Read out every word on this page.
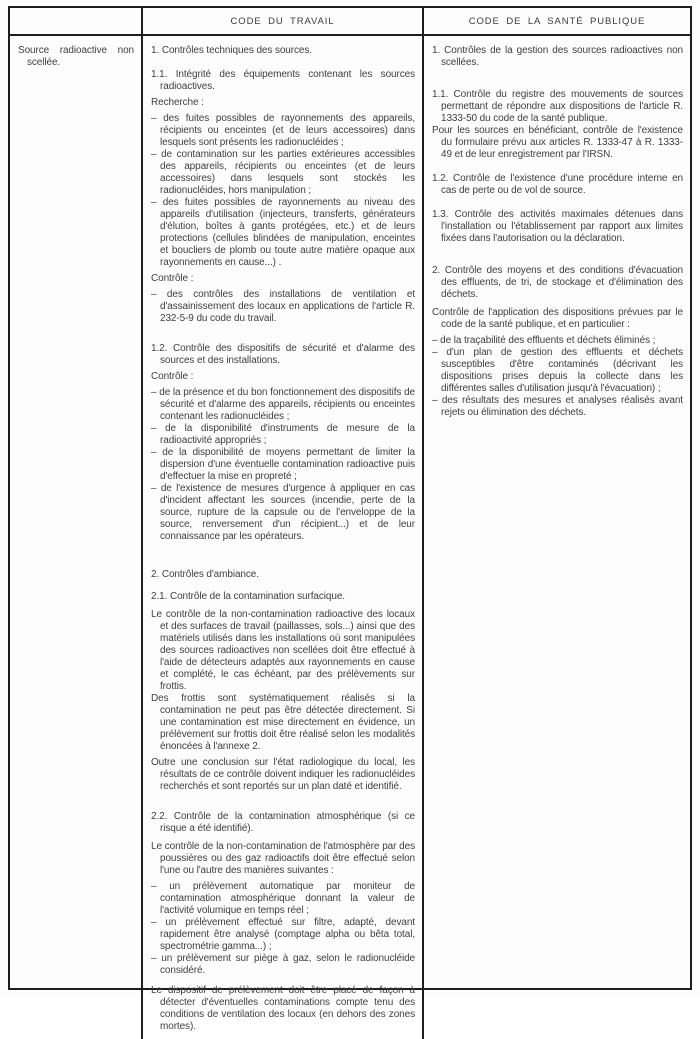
Source radioactive non scellée.

CODE DU TRAVAIL

1. Contrôles techniques des sources.

1.1. Intégrité des équipements contenant les sources radioactives.

Recherche :

– des fuites possibles de rayonnements des appareils, récipients ou enceintes (et de leurs accessoires) dans lesquels sont présents les radionucléides ;

– de contamination sur les parties extérieures accessibles des appareils, récipients ou enceintes (et de leurs accessoires) dans lesquels sont stockés les radionucléides, hors manipulation ;

– des fuites possibles de rayonnements au niveau des appareils d'utilisation (injecteurs, transferts, générateurs d'élution, boîtes à gants protégées, etc.) et de leurs protections (cellules blindées de manipulation, enceintes et boucliers de plomb ou toute autre matière opaque aux rayonnements en cause...) .

Contrôle :

– des contrôles des installations de ventilation et d'assainissement des locaux en applications de l'article R. 232-5-9 du code du travail.

1.2. Contrôle des dispositifs de sécurité et d'alarme des sources et des installations.

Contrôle :

– de la présence et du bon fonctionnement des dispositifs de sécurité et d'alarme des appareils, récipients ou enceintes contenant les radionucléides ;

– de la disponibilité d'instruments de mesure de la radioactivité appropriés ;

– de la disponibilité de moyens permettant de limiter la dispersion d'une éventuelle contamination radioactive puis d'effectuer la mise en propreté ;

– de l'existence de mesures d'urgence à appliquer en cas d'incident affectant les sources (incendie, perte de la source, rupture de la capsule ou de l'enveloppe de la source, renversement d'un récipient...) et de leur connaissance par les opérateurs.

2. Contrôles d'ambiance.

2.1. Contrôle de la contamination surfacique.

Le contrôle de la non-contamination radioactive des locaux et des surfaces de travail (paillasses, sols...) ainsi que des matériels utilisés dans les installations où sont manipulées des sources radioactives non scellées doit être effectué à l'aide de détecteurs adaptés aux rayonnements en cause et complété, le cas échéant, par des prélèvements sur frottis.

Des frottis sont systématiquement réalisés si la contamination ne peut pas être détectée directement. Si une contamination est mise directement en évidence, un prélèvement sur frottis doit être réalisé selon les modalités énoncées à l'annexe 2.

Outre une conclusion sur l'état radiologique du local, les résultats de ce contrôle doivent indiquer les radionucléides recherchés et sont reportés sur un plan daté et identifié.

2.2. Contrôle de la contamination atmosphérique (si ce risque a été identifié).

Le contrôle de la non-contamination de l'atmosphère par des poussières ou des gaz radioactifs doit être effectué selon l'une ou l'autre des manières suivantes :

– un prélèvement automatique par moniteur de contamination atmosphérique donnant la valeur de l'activité volumique en temps réel ;

– un prélèvement effectué sur filtre, adapté, devant rapidement être analysé (comptage alpha ou bêta total, spectrométrie gamma...) ;

– un prélèvement sur piège à gaz, selon le radionucléide considéré.

Le dispositif de prélèvement doit être placé de façon à détecter d'éventuelles contaminations compte tenu des conditions de ventilation des locaux (en dehors des zones mortes).

CODE DE LA SANTÉ PUBLIQUE

1. Contrôles de la gestion des sources radioactives non scellées.

1.1. Contrôle du registre des mouvements de sources permettant de répondre aux dispositions de l'article R. 1333-50 du code de la santé publique.

Pour les sources en bénéficiant, contrôle de l'existence du formulaire prévu aux articles R. 1333-47 à R. 1333-49 et de leur enregistrement par l'IRSN.

1.2. Contrôle de l'existence d'une procédure interne en cas de perte ou de vol de source.

1.3. Contrôle des activités maximales détenues dans l'installation ou l'établissement par rapport aux limites fixées dans l'autorisation ou la déclaration.

2. Contrôle des moyens et des conditions d'évacuation des effluents, de tri, de stockage et d'élimination des déchets.

Contrôle de l'application des dispositions prévues par le code de la santé publique, et en particulier :

– de la traçabilité des effluents et déchets éliminés ;

– d'un plan de gestion des effluents et déchets susceptibles d'être contaminés (décrivant les dispositions prises depuis la collecte dans les différentes salles d'utilisation jusqu'à l'évacuation) ;

– des résultats des mesures et analyses réalisés avant rejets ou élimination des déchets.
